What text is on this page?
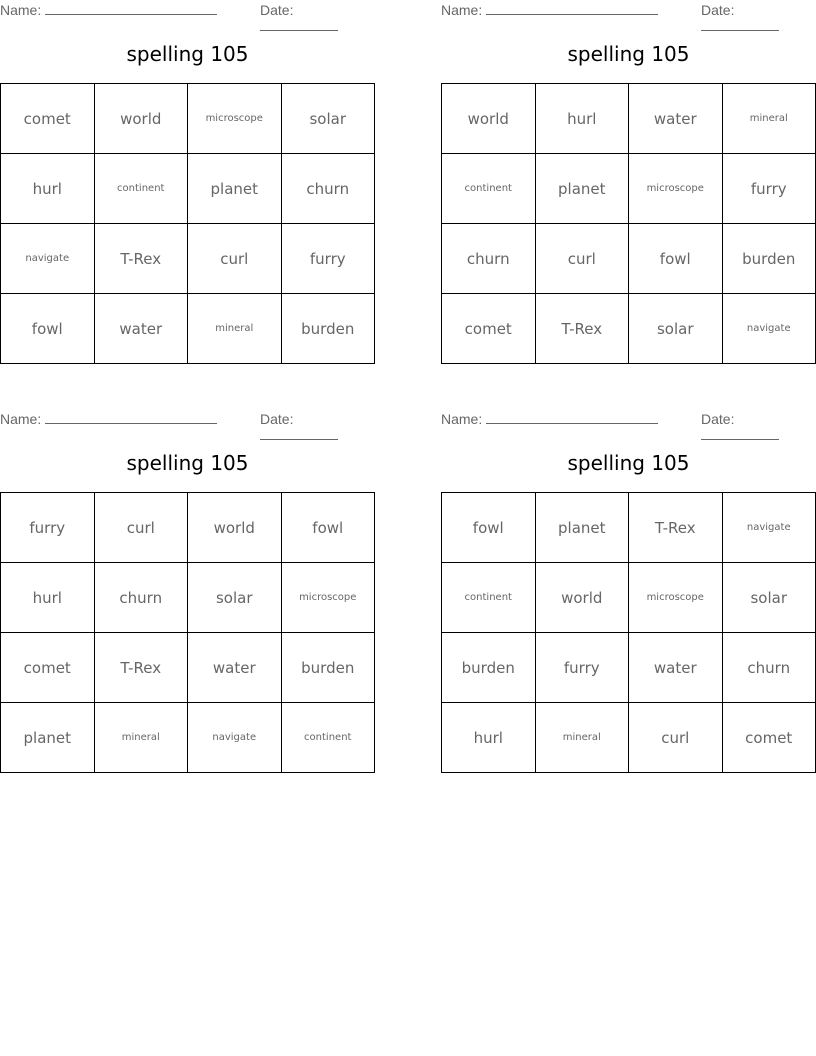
Name:	Date:
spelling 105
comet	world	microscope	solar
hurl	continent	planet	churn
navigate	T-Rex	curl	furry
fowl	water	mineral	burden
Name:	Date:
spelling 105
world	hurl	water	mineral
continent	planet	microscope	furry
churn	curl	fowl	burden
comet	T-Rex	solar	navigate
Name:	Date:
spelling 105
furry	curl	world	fowl
hurl	churn	solar	microscope
comet	T-Rex	water	burden
planet	mineral	navigate	continent
Name:	Date:
spelling 105
fowl	planet	T-Rex	navigate
continent	world	microscope	solar
burden	furry	water	churn
hurl	mineral	curl	comet
